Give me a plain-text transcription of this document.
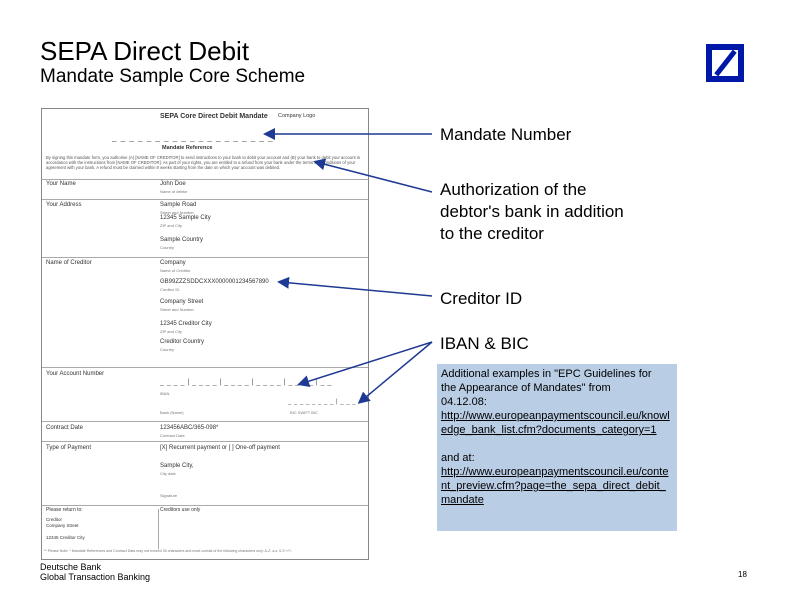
SEPA Direct Debit
Mandate Sample Core Scheme
SEPA Core Direct Debit Mandate Company Logo
_ _ _ _ _ _ _ _ _ _ _ _ _ _ _ _ _ _ _
Mandate Reference
By signing this mandate form, you authorise (A) [NAME OF CREDITOR] to send instructions to your bank to debit your account and (B) your bank to debit your account in accordance with the instructions from [NAME OF CREDITOR]. As part of your rights, you are entitled to a refund from your bank under the terms and conditions of your agreement with your bank. A refund must be claimed within 8 weeks starting from the date on which your account was debited.
Your Name	John Doe
Name of debtor
Your Address	Sample Road
Street and Number
12345 Sample City
ZIP and City
Sample Country
Country
Name of Creditor	Company
Name of Creditor
GB99ZZZSDDCXXX0000001234567890
Creditor ID
Company Street
Street and Number
12345 Creditor City
ZIP and City
Creditor Country
Country
Your Account Number
_ _ _ _ | _ _ _ _ | _ _ _ _ | _ _ _ _ | _ _ _ _ | _ _
IBAN
_ _ _ _ _ _ _ _ | _ _ _
Bank (Name)	BIC SWIFT BIC
Contract Date	123456ABC/365-098*
Contract Date
Type of Payment	[X] Recurrent payment or [ ] One-off payment
Sample City,
City date
Signature
Please return to:	Creditors use only
Creditor
Company Street
12345 Creditor City
** Please Note: * Mandate References and Contract Data may not exceed 35 characters and must consist of the following characters only: A-Z, a-z, 0-9 +/?-
Mandate Number
Authorization of the
debtor's bank in addition
to the creditor
Creditor ID
IBAN & BIC
Additional examples in "EPC Guidelines for
the Appearance of Mandates" from
04.12.08:
http://www.europeanpaymentscouncil.eu/knowledge_bank_list.cfm?documents_category=1
and at:
http://www.europeanpaymentscouncil.eu/content_preview.cfm?page=the_sepa_direct_debit_mandate
Deutsche Bank
Global Transaction Banking	18
